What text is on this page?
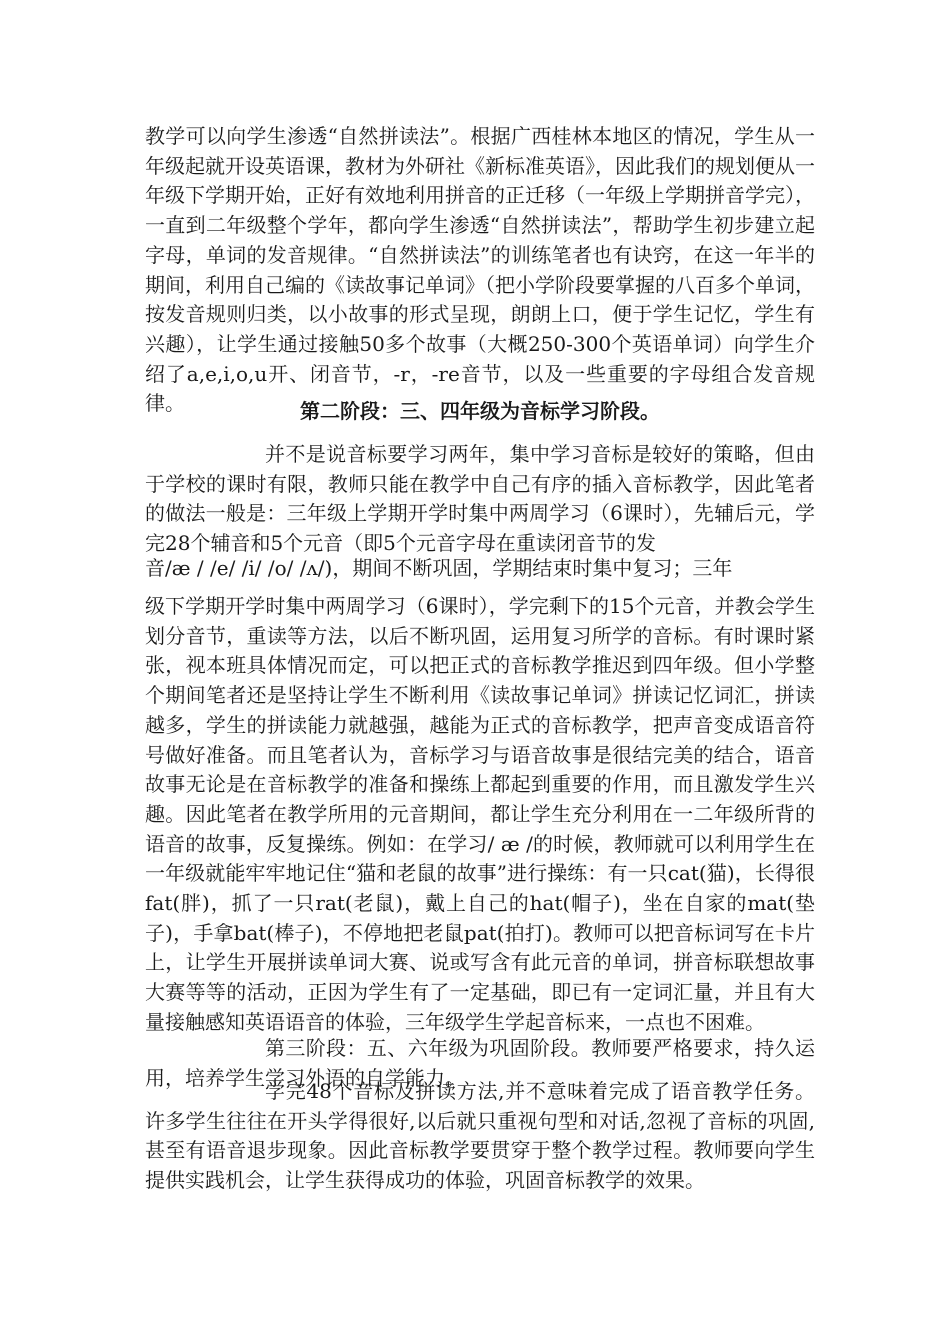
教学可以向学生渗透“自然拼读法”。根据广西桂林本地区的情况，学生从一年级起就开设英语课，教材为外研社《新标准英语》，因此我们的规划便从一年级下学期开始，正好有效地利用拼音的正迁移（一年级上学期拼音学完），一直到二年级整个学年，都向学生渗透“自然拼读法”，帮助学生初步建立起字母，单词的发音规律。“自然拼读法”的训练笔者也有诀窍，在这一年半的期间，利用自己编的《读故事记单词》（把小学阶段要掌握的八百多个单词，按发音规则归类，以小故事的形式呈现，朗朗上口，便于学生记忆，学生有兴趣），让学生通过接触50多个故事（大概250-300个英语单词）向学生介绍了a,e,i,o,u开、闭音节，-r，-re音节，以及一些重要的字母组合发音规律。	第二阶段：三、四年级为音标学习阶段。

并不是说音标要学习两年，集中学习音标是较好的策略，但由于学校的课时有限，教师只能在教学中自己有序的插入音标教学，因此笔者的做法一般是：三年级上学期开学时集中两周学习（6课时），先辅后元，学完28个辅音和5个元音（即5个元音字母在重读闭音节的发

音/æ / /e/ /i/ /o/ /ʌ/)，期间不断巩固，学期结束时集中复习；三年

级下学期开学时集中两周学习（6课时），学完剩下的15个元音，并教会学生划分音节，重读等方法，以后不断巩固，运用复习所学的音标。有时课时紧张，视本班具体情况而定，可以把正式的音标教学推迟到四年级。但小学整个期间笔者还是坚持让学生不断利用《读故事记单词》拼读记忆词汇，拼读越多，学生的拼读能力就越强，越能为正式的音标教学，把声音变成语音符号做好准备。而且笔者认为，音标学习与语音故事是很结完美的结合，语音故事无论是在音标教学的准备和操练上都起到重要的作用，而且激发学生兴趣。因此笔者在教学所用的元音期间，都让学生充分利用在一二年级所背的语音的故事，反复操练。例如：在学习/ æ /的时候，教师就可以利用学生在一年级就能牢牢地记住“猫和老鼠的故事”进行操练：有一只cat(猫)，长得很fat(胖)，抓了一只rat(老鼠)，戴上自己的hat(帽子)，坐在自家的mat(垫子)，手拿bat(棒子)，不停地把老鼠pat(拍打)。教师可以把音标词写在卡片上，让学生开展拼读单词大赛、说或写含有此元音的单词，拼音标联想故事大赛等等的活动，正因为学生有了一定基础，即已有一定词汇量，并且有大量接触感知英语语音的体验，三年级学生学起音标来，一点也不困难。

第三阶段：五、六年级为巩固阶段。教师要严格要求，持久运用，培养学生学习外语的自学能力。

学完48个音标及拼读方法,并不意味着完成了语音教学任务。许多学生往往在开头学得很好,以后就只重视句型和对话,忽视了音标的巩固,甚至有语音退步现象。因此音标教学要贯穿于整个教学过程。教师要向学生提供实践机会，让学生获得成功的体验，巩固音标教学的效果。
